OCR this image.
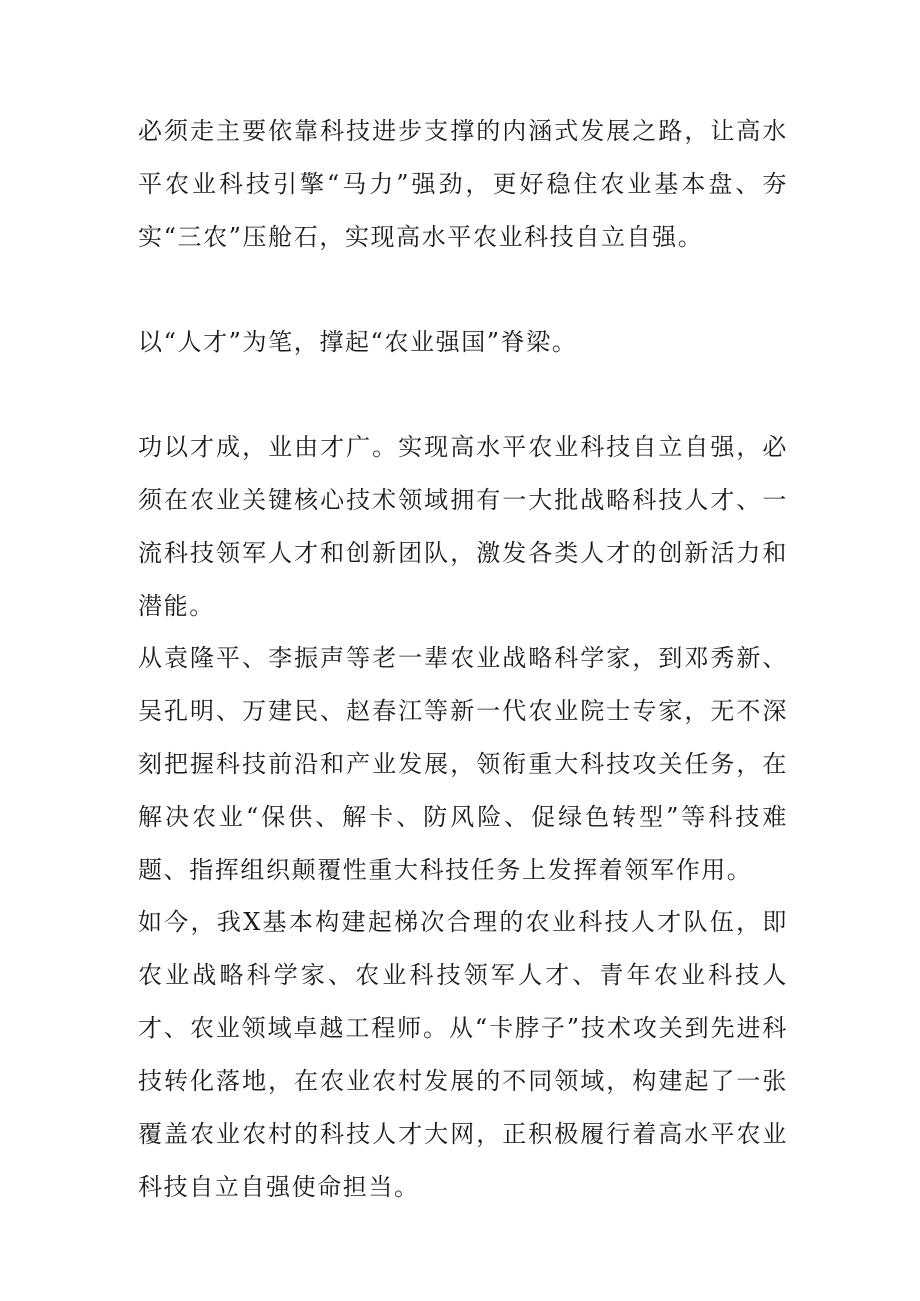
必须走主要依靠科技进步支撑的内涵式发展之路，让高水平农业科技引擎“马力”强劲，更好稳住农业基本盘、夯实“三农”压舱石，实现高水平农业科技自立自强。

以“人才”为笔，撑起“农业强国”脊梁。

功以才成，业由才广。实现高水平农业科技自立自强，必须在农业关键核心技术领域拥有一大批战略科技人才、一流科技领军人才和创新团队，激发各类人才的创新活力和潜能。

从袁隆平、李振声等老一辈农业战略科学家，到邓秀新、吴孔明、万建民、赵春江等新一代农业院士专家，无不深刻把握科技前沿和产业发展，领衔重大科技攻关任务，在解决农业“保供、解卡、防风险、促绿色转型”等科技难题、指挥组织颠覆性重大科技任务上发挥着领军作用。

如今，我X基本构建起梯次合理的农业科技人才队伍，即农业战略科学家、农业科技领军人才、青年农业科技人才、农业领域卓越工程师。从“卡脖子”技术攻关到先进科技转化落地，在农业农村发展的不同领域，构建起了一张覆盖农业农村的科技人才大网，正积极履行着高水平农业科技自立自强使命担当。
